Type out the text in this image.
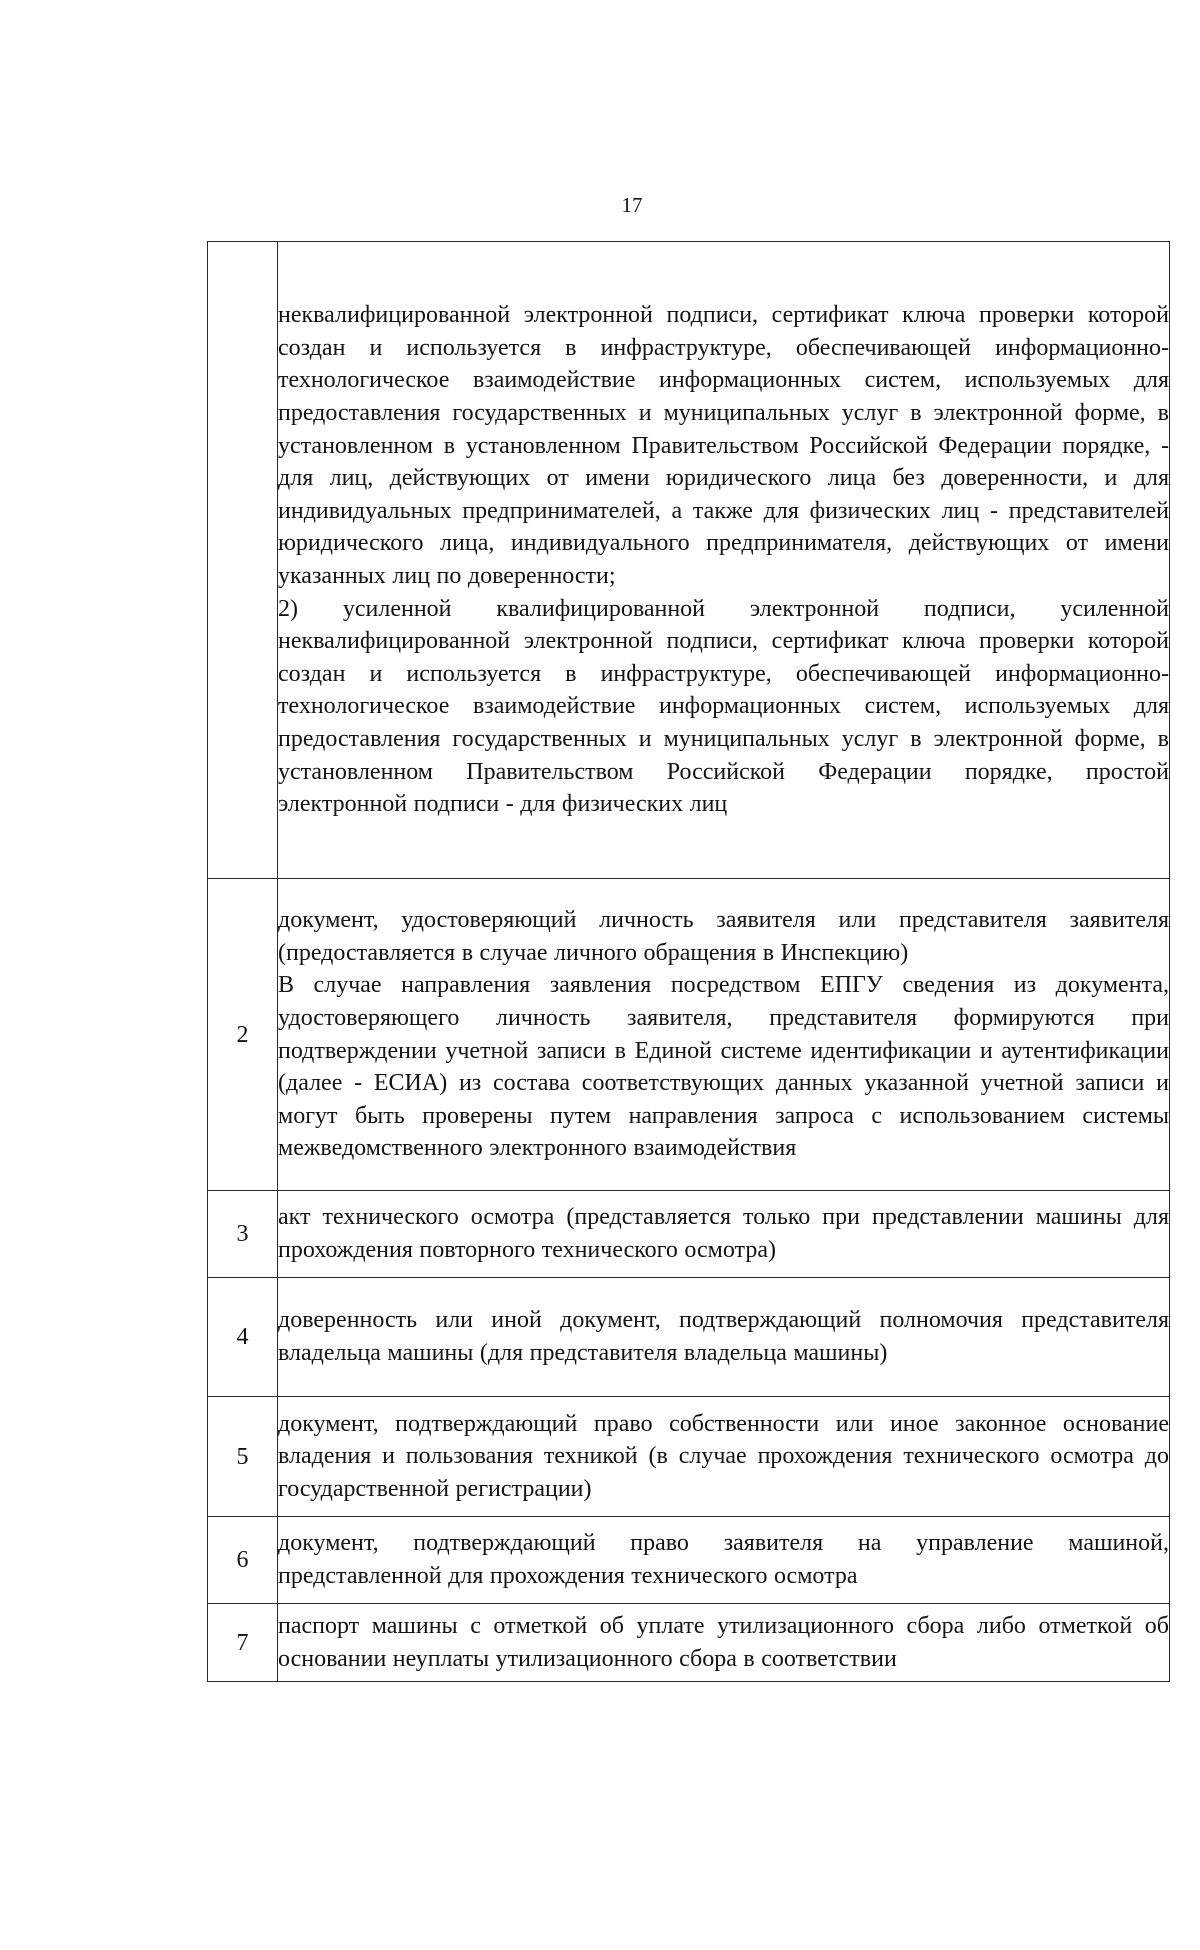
17

	неквалифицированной электронной подписи, сертификат ключа проверки которой создан и используется в инфраструктуре, обеспечивающей информационно-технологическое взаимодействие информационных систем, используемых для предоставления государственных и муниципальных услуг в электронной форме, в установленном в установленном Правительством Российской Федерации порядке, - для лиц, действующих от имени юридического лица без доверенности, и для индивидуальных предпринимателей, а также для физических лиц - представителей юридического лица, индивидуального предпринимателя, действующих от имени указанных лиц по доверенности;

2) усиленной квалифицированной электронной подписи, усиленной неквалифицированной электронной подписи, сертификат ключа проверки которой создан и используется в инфраструктуре, обеспечивающей информационно-технологическое взаимодействие информационных систем, используемых для предоставления государственных и муниципальных услуг в электронной форме, в установленном Правительством Российской Федерации порядке, простой электронной подписи - для физических лиц

2	документ, удостоверяющий личность заявителя или представителя заявителя (предоставляется в случае личного обращения в Инспекцию)

В случае направления заявления посредством ЕПГУ сведения из документа, удостоверяющего личность заявителя, представителя формируются при подтверждении учетной записи в Единой системе идентификации и аутентификации (далее - ЕСИА) из состава соответствующих данных указанной учетной записи и могут быть проверены путем направления запроса с использованием системы межведомственного электронного взаимодействия

3	акт технического осмотра (представляется только при представлении машины для прохождения повторного технического осмотра)

4	доверенность или иной документ, подтверждающий полномочия представителя владельца машины (для представителя владельца машины)

5	документ, подтверждающий право собственности или иное законное основание владения и пользования техникой (в случае прохождения технического осмотра до государственной регистрации)

6	документ, подтверждающий право заявителя на управление машиной, представленной для прохождения технического осмотра

7	паспорт машины с отметкой об уплате утилизационного сбора либо отметкой об основании неуплаты утилизационного сбора в соответствии
